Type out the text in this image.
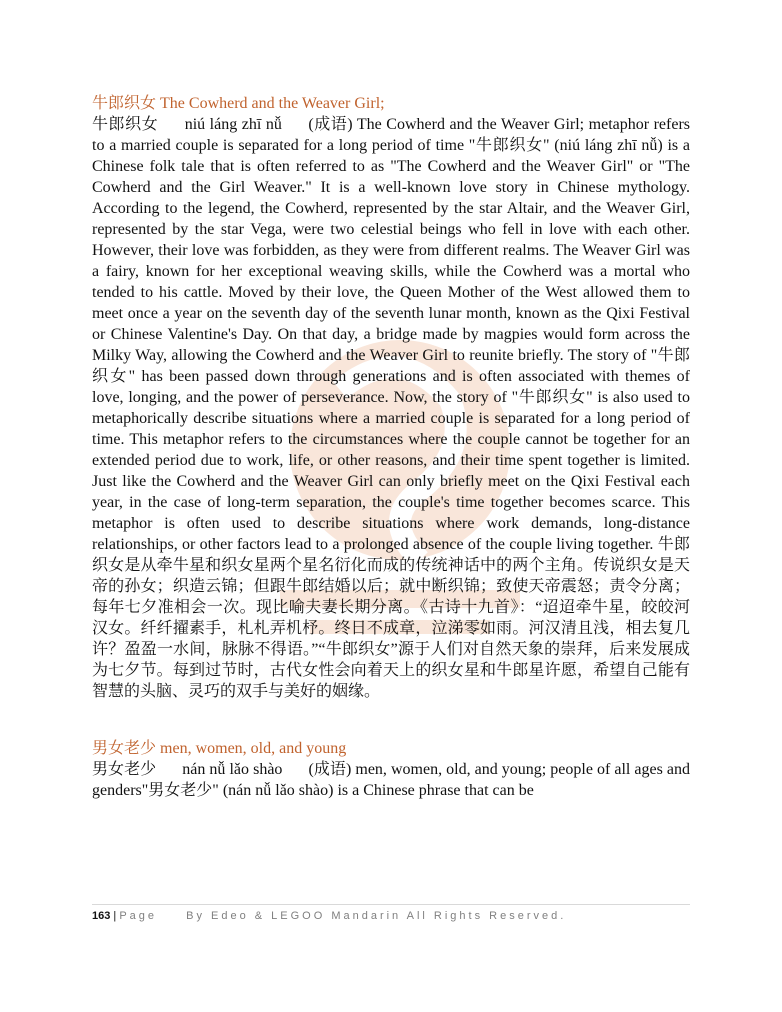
牛郎织女 The Cowherd and the Weaver Girl;

牛郎织女 niú láng zhī nǚ (成语) The Cowherd and the Weaver Girl; metaphor refers to a married couple is separated for a long period of time "牛郎织女" (niú láng zhī nǚ) is a Chinese folk tale that is often referred to as "The Cowherd and the Weaver Girl" or "The Cowherd and the Girl Weaver." It is a well-known love story in Chinese mythology. According to the legend, the Cowherd, represented by the star Altair, and the Weaver Girl, represented by the star Vega, were two celestial beings who fell in love with each other. However, their love was forbidden, as they were from different realms. The Weaver Girl was a fairy, known for her exceptional weaving skills, while the Cowherd was a mortal who tended to his cattle. Moved by their love, the Queen Mother of the West allowed them to meet once a year on the seventh day of the seventh lunar month, known as the Qixi Festival or Chinese Valentine's Day. On that day, a bridge made by magpies would form across the Milky Way, allowing the Cowherd and the Weaver Girl to reunite briefly. The story of "牛郎织女" has been passed down through generations and is often associated with themes of love, longing, and the power of perseverance. Now, the story of "牛郎织女" is also used to metaphorically describe situations where a married couple is separated for a long period of time. This metaphor refers to the circumstances where the couple cannot be together for an extended period due to work, life, or other reasons, and their time spent together is limited. Just like the Cowherd and the Weaver Girl can only briefly meet on the Qixi Festival each year, in the case of long-term separation, the couple's time together becomes scarce. This metaphor is often used to describe situations where work demands, long-distance relationships, or other factors lead to a prolonged absence of the couple living together. 牛郎织女是从牵牛星和织女星两个星名衍化而成的传统神话中的两个主角。传说织女是天帝的孙女；织造云锦；但跟牛郎结婚以后；就中断织锦；致使天帝震怒；责令分离；每年七夕准相会一次。现比喻夫妻长期分离。《古诗十九首》：“迢迢牵牛星，皎皎河汉女。纤纤擢素手，札札弄机杼。终日不成章，泣涕零如雨。河汉清且浅，相去复几许？盈盈一水间，脉脉不得语。”“牛郎织女”源于人们对自然天象的崇拜，后来发展成为七夕节。每到过节时，古代女性会向着天上的织女星和牛郎星许愿，希望自己能有智慧的头脑、灵巧的双手与美好的姻缘。

男女老少 men, women, old, and young

男女老少 nán nǚ lǎo shào (成语) men, women, old, and young; people of all ages and genders"男女老少" (nán nǚ lǎo shào) is a Chinese phrase that can be

163 | Page	By Edeo & LEGOO Mandarin All Rights Reserved.
